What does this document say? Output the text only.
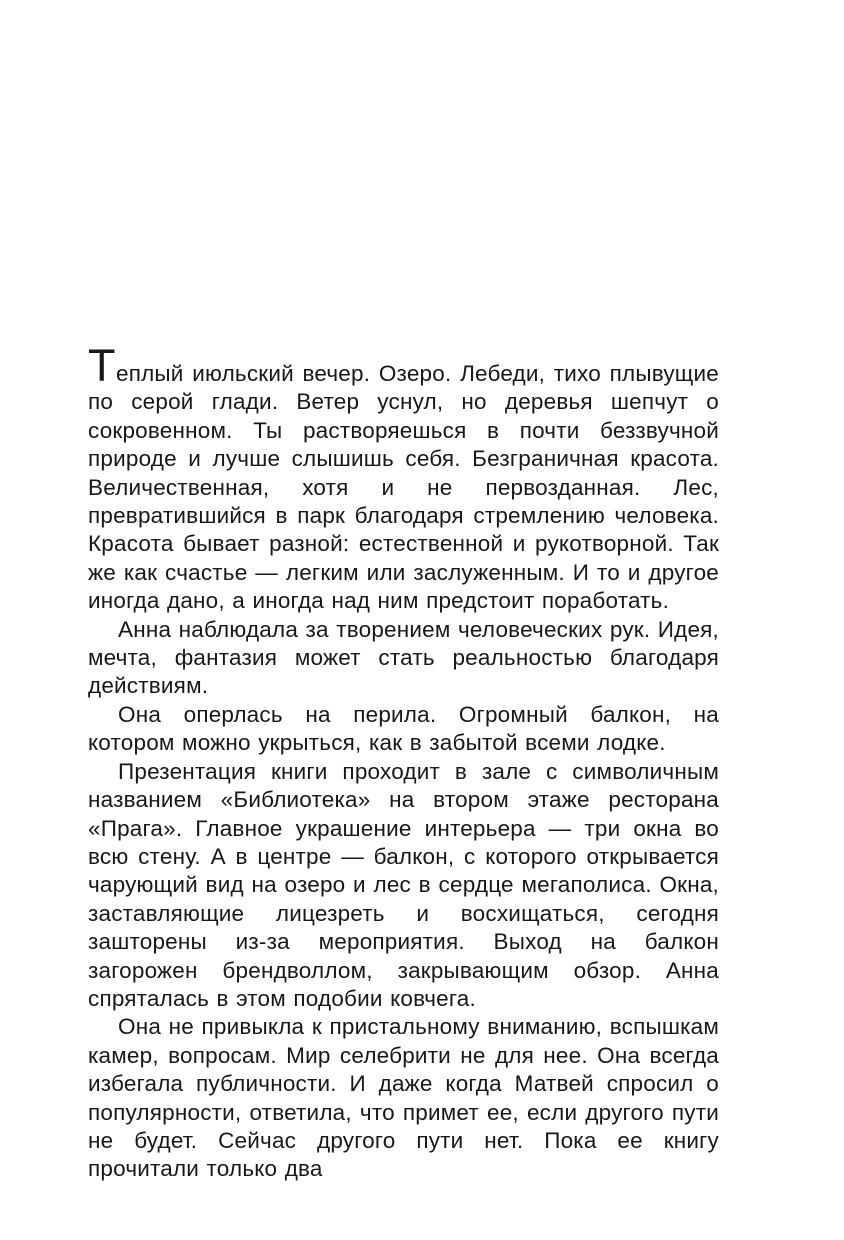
Теплый июльский вечер. Озеро. Лебеди, тихо плывущие по серой глади. Ветер уснул, но деревья шепчут о сокровенном. Ты растворяешься в почти беззвучной природе и лучше слышишь себя. Безграничная красота. Величественная, хотя и не первозданная. Лес, превратившийся в парк благодаря стремлению человека. Красота бывает разной: естественной и рукотворной. Так же как счастье — легким или заслуженным. И то и другое иногда дано, а иногда над ним предстоит поработать.

Анна наблюдала за творением человеческих рук. Идея, мечта, фантазия может стать реальностью благодаря действиям.

Она оперлась на перила. Огромный балкон, на котором можно укрыться, как в забытой всеми лодке.

Презентация книги проходит в зале с символичным названием «Библиотека» на втором этаже ресторана «Прага». Главное украшение интерьера — три окна во всю стену. А в центре — балкон, с которого открывается чарующий вид на озеро и лес в сердце мегаполиса. Окна, заставляющие лицезреть и восхищаться, сегодня зашторены из-за мероприятия. Выход на балкон загорожен брендволлом, закрывающим обзор. Анна спряталась в этом подобии ковчега.

Она не привыкла к пристальному вниманию, вспышкам камер, вопросам. Мир селебрити не для нее. Она всегда избегала публичности. И даже когда Матвей спросил о популярности, ответила, что примет ее, если другого пути не будет. Сейчас другого пути нет. Пока ее книгу прочитали только два
